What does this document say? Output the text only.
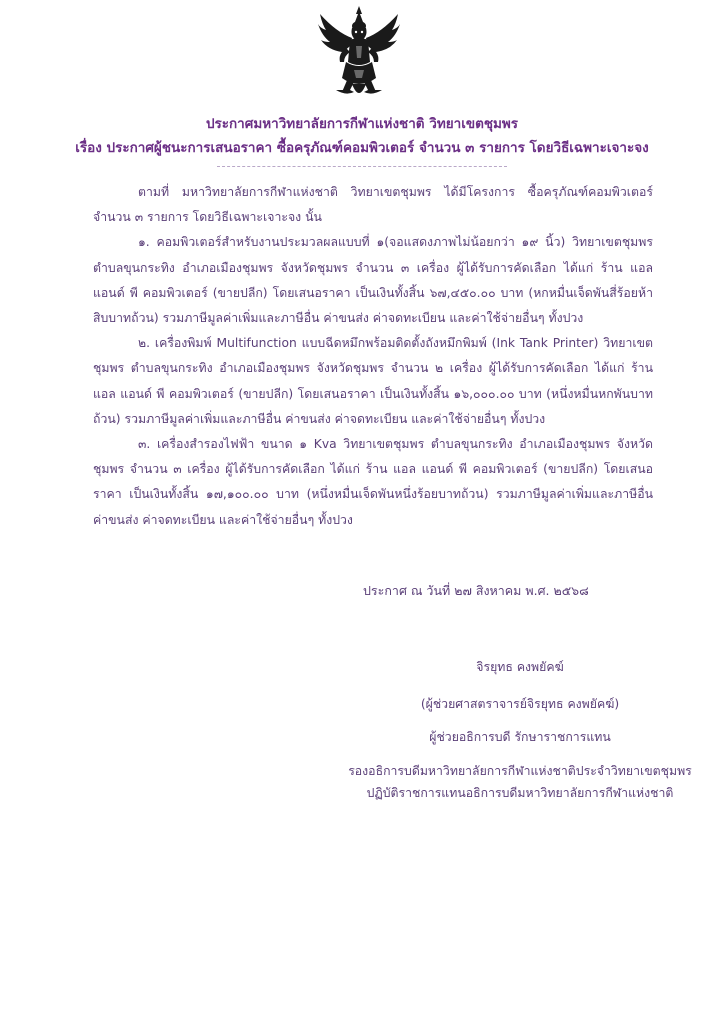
ประกาศมหาวิทยาลัยการกีฬาแห่งชาติ วิทยาเขตชุมพร
เรื่อง ประกาศผู้ชนะการเสนอราคา ซื้อครุภัณฑ์คอมพิวเตอร์ จำนวน ๓ รายการ โดยวิธีเฉพาะเจาะจง

ตามที่ มหาวิทยาลัยการกีฬาแห่งชาติ วิทยาเขตชุมพร ได้มีโครงการ ซื้อครุภัณฑ์คอมพิวเตอร์ จำนวน ๓ รายการ โดยวิธีเฉพาะเจาะจง นั้น

๑. คอมพิวเตอร์สำหรับงานประมวลผลแบบที่ ๑(จอแสดงภาพไม่น้อยกว่า ๑๙ นิ้ว) วิทยาเขตชุมพร ตำบลขุนกระทิง อำเภอเมืองชุมพร จังหวัดชุมพร จำนวน ๓ เครื่อง ผู้ได้รับการคัดเลือก ได้แก่ ร้าน แอล แอนด์ พี คอมพิวเตอร์ (ขายปลีก) โดยเสนอราคา เป็นเงินทั้งสิ้น ๖๗,๔๕๐.๐๐ บาท (หกหมื่นเจ็ดพันสี่ร้อยห้าสิบบาทถ้วน) รวมภาษีมูลค่าเพิ่มและภาษีอื่น ค่าขนส่ง ค่าจดทะเบียน และค่าใช้จ่ายอื่นๆ ทั้งปวง

๒. เครื่องพิมพ์ Multifunction แบบฉีดหมึกพร้อมติดตั้งถังหมึกพิมพ์ (Ink Tank Printer) วิทยาเขตชุมพร ตำบลขุนกระทิง อำเภอเมืองชุมพร จังหวัดชุมพร จำนวน ๒ เครื่อง ผู้ได้รับการคัดเลือก ได้แก่ ร้าน แอล แอนด์ พี คอมพิวเตอร์ (ขายปลีก) โดยเสนอราคา เป็นเงินทั้งสิ้น ๑๖,๐๐๐.๐๐ บาท (หนึ่งหมื่นหกพันบาทถ้วน) รวมภาษีมูลค่าเพิ่มและภาษีอื่น ค่าขนส่ง ค่าจดทะเบียน และค่าใช้จ่ายอื่นๆ ทั้งปวง

๓. เครื่องสำรองไฟฟ้า ขนาด ๑ Kva วิทยาเขตชุมพร ตำบลขุนกระทิง อำเภอเมืองชุมพร จังหวัดชุมพร จำนวน ๓ เครื่อง ผู้ได้รับการคัดเลือก ได้แก่ ร้าน แอล แอนด์ พี คอมพิวเตอร์ (ขายปลีก) โดยเสนอราคา เป็นเงินทั้งสิ้น ๑๗,๑๐๐.๐๐ บาท (หนึ่งหมื่นเจ็ดพันหนึ่งร้อยบาทถ้วน) รวมภาษีมูลค่าเพิ่มและภาษีอื่น ค่าขนส่ง ค่าจดทะเบียน และค่าใช้จ่ายอื่นๆ ทั้งปวง

ประกาศ ณ วันที่ ๒๗ สิงหาคม พ.ศ. ๒๕๖๘
จิรยุทธ คงพยัคฆ์
(ผู้ช่วยศาสตราจารย์จิรยุทธ คงพยัคฆ์)
ผู้ช่วยอธิการบดี รักษาราชการแทน
รองอธิการบดีมหาวิทยาลัยการกีฬาแห่งชาติประจำวิทยาเขตชุมพร
ปฏิบัติราชการแทนอธิการบดีมหาวิทยาลัยการกีฬาแห่งชาติ
